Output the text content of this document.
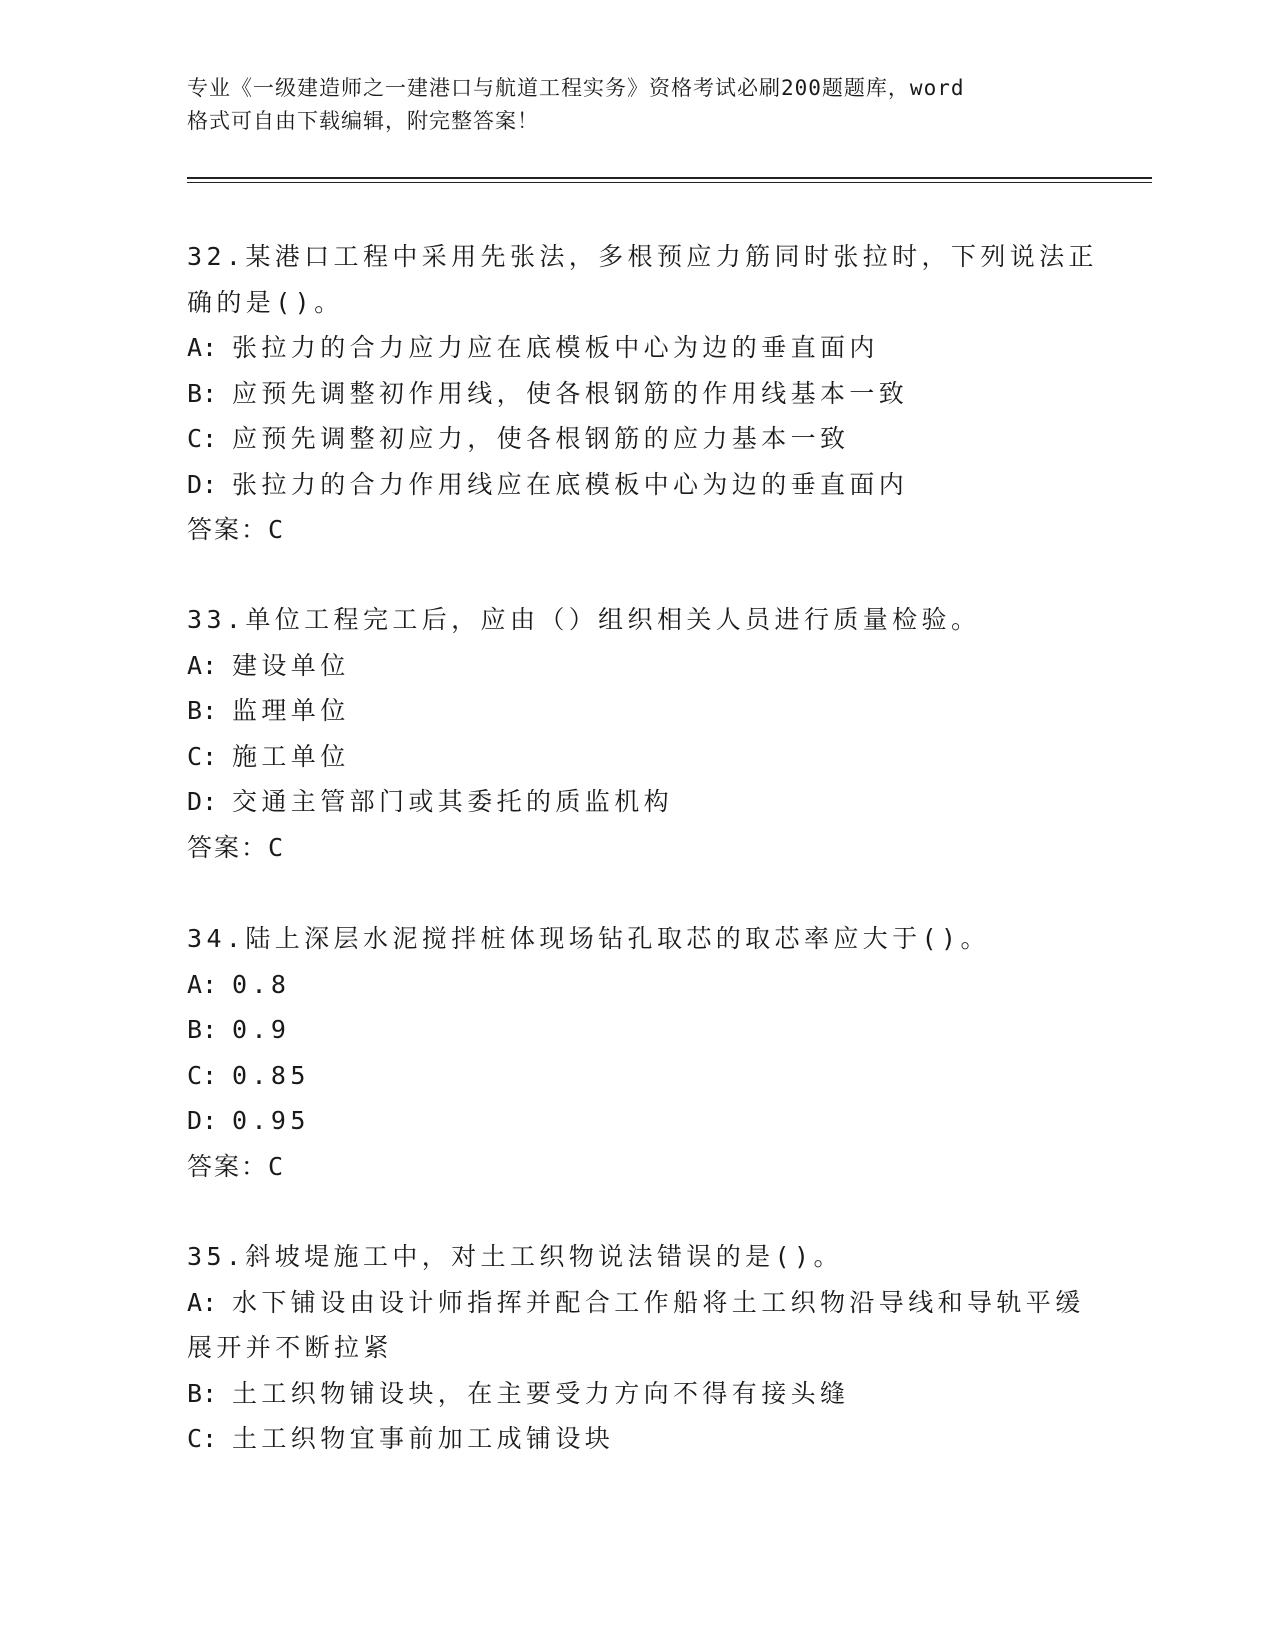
专业《一级建造师之一建港口与航道工程实务》资格考试必刷200题题库，word
格式可自由下载编辑，附完整答案！
32.某港口工程中采用先张法，多根预应力筋同时张拉时，下列说法正
确的是()。
A: 张拉力的合力应力应在底模板中心为边的垂直面内
B: 应预先调整初作用线，使各根钢筋的作用线基本一致
C: 应预先调整初应力，使各根钢筋的应力基本一致
D: 张拉力的合力作用线应在底模板中心为边的垂直面内
答案：C
33.单位工程完工后，应由（）组织相关人员进行质量检验。
A: 建设单位
B: 监理单位
C: 施工单位
D: 交通主管部门或其委托的质监机构
答案：C
34.陆上深层水泥搅拌桩体现场钻孔取芯的取芯率应大于()。
A: 0.8
B: 0.9
C: 0.85
D: 0.95
答案：C
35.斜坡堤施工中，对土工织物说法错误的是()。
A: 水下铺设由设计师指挥并配合工作船将土工织物沿导线和导轨平缓
展开并不断拉紧
B: 土工织物铺设块，在主要受力方向不得有接头缝
C: 土工织物宜事前加工成铺设块
